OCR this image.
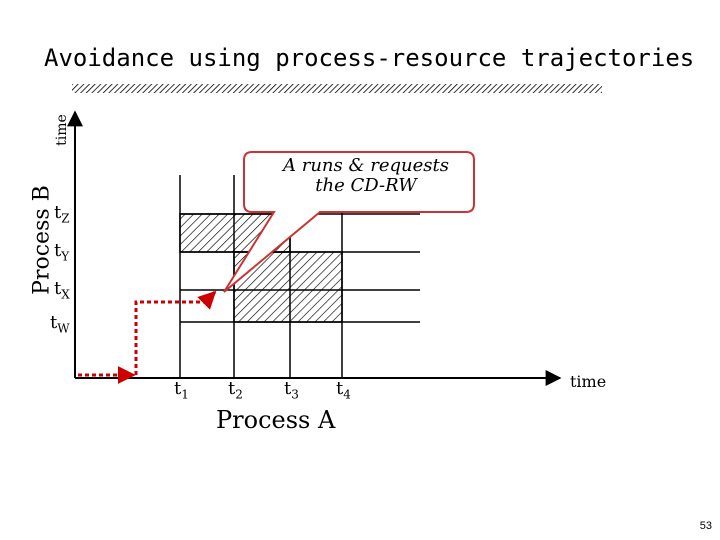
Avoidance using process-resource trajectories
A runs & requests
the CD-RW
Process B
time
$t_Z$
$t_Y$
$t_X$
$t_W$
$t_1$ $t_2$ $t_3$ $t_4$
Process A
time
53
